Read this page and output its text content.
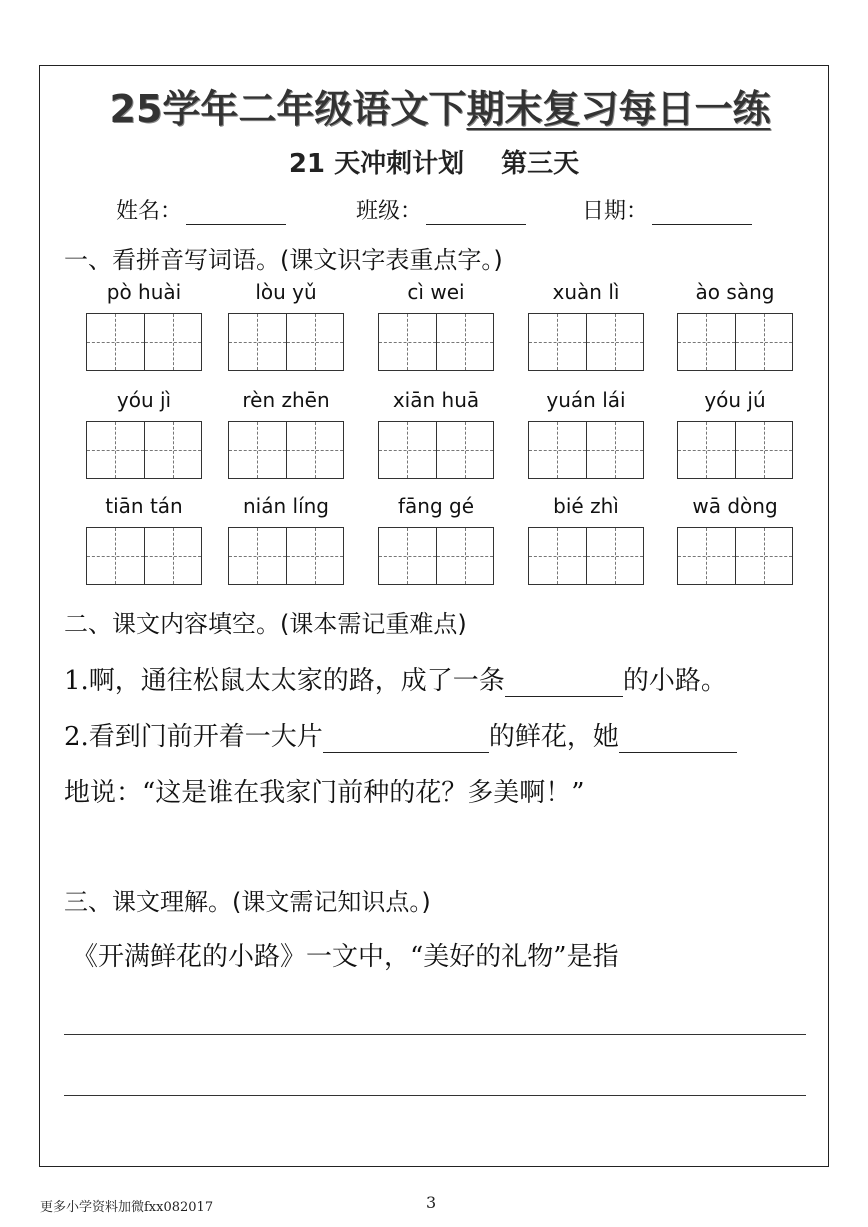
25学年二年级语文下期末复习每日一练
21 天冲刺计划 第三天
姓名：	班级：	日期：
一、看拼音写词语。(课文识字表重点字。)
pò huài	lòu yǔ	cì wei	xuàn lì	ào sàng
yóu jì	rèn zhēn	xiān huā	yuán lái	yóu jú
tiān tán	nián líng	fāng gé	bié zhì	wā dòng
二、课文内容填空。(课本需记重难点)
1.啊，通往松鼠太太家的路，成了一条	的小路。
2.看到门前开着一大片	的鲜花，她
地说：“这是谁在我家门前种的花？多美啊！”
三、课文理解。(课文需记知识点。)
《开满鲜花的小路》一文中，“美好的礼物”是指
更多小学资料加微fxx082017	3
